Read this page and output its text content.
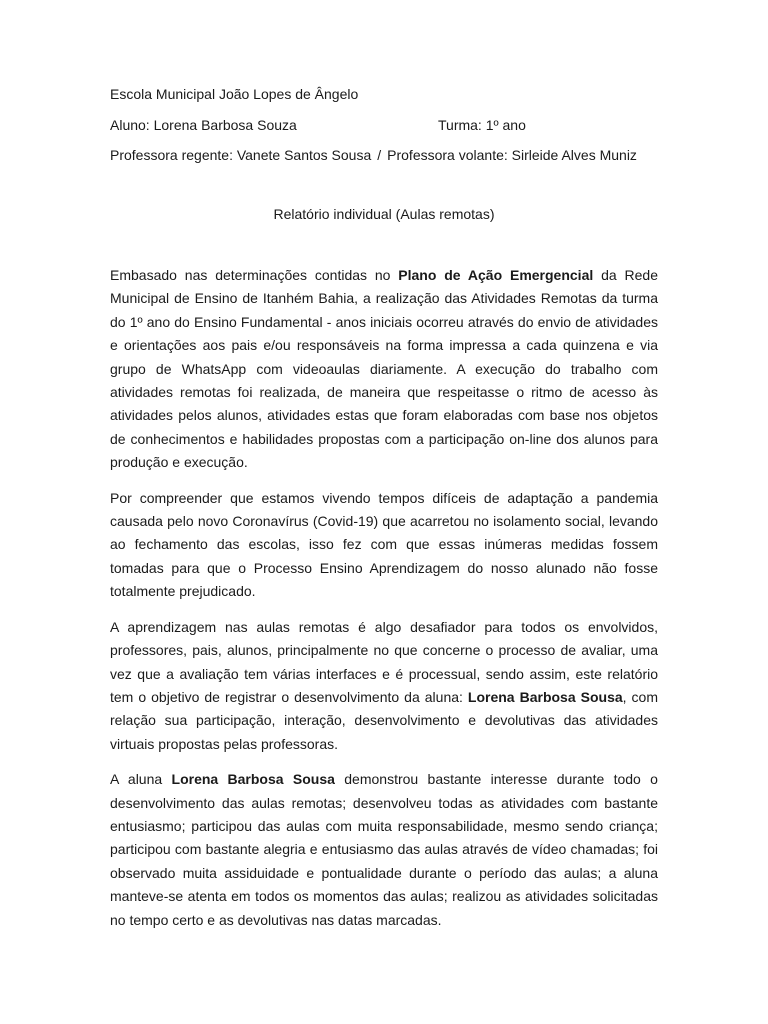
Escola Municipal João Lopes de Ângelo
Aluno: Lorena Barbosa Souza	Turma: 1º ano
Professora regente: Vanete Santos Sousa / Professora volante: Sirleide Alves Muniz
Relatório individual (Aulas remotas)

Embasado nas determinações contidas no Plano de Ação Emergencial da Rede Municipal de Ensino de Itanhém Bahia, a realização das Atividades Remotas da turma do 1º ano do Ensino Fundamental - anos iniciais ocorreu através do envio de atividades e orientações aos pais e/ou responsáveis na forma impressa a cada quinzena e via grupo de WhatsApp com videoaulas diariamente. A execução do trabalho com atividades remotas foi realizada, de maneira que respeitasse o ritmo de acesso às atividades pelos alunos, atividades estas que foram elaboradas com base nos objetos de conhecimentos e habilidades propostas com a participação on-line dos alunos para produção e execução.

Por compreender que estamos vivendo tempos difíceis de adaptação a pandemia causada pelo novo Coronavírus (Covid-19) que acarretou no isolamento social, levando ao fechamento das escolas, isso fez com que essas inúmeras medidas fossem tomadas para que o Processo Ensino Aprendizagem do nosso alunado não fosse totalmente prejudicado.

A aprendizagem nas aulas remotas é algo desafiador para todos os envolvidos, professores, pais, alunos, principalmente no que concerne o processo de avaliar, uma vez que a avaliação tem várias interfaces e é processual, sendo assim, este relatório tem o objetivo de registrar o desenvolvimento da aluna: Lorena Barbosa Sousa, com relação sua participação, interação, desenvolvimento e devolutivas das atividades virtuais propostas pelas professoras.

A aluna Lorena Barbosa Sousa demonstrou bastante interesse durante todo o desenvolvimento das aulas remotas; desenvolveu todas as atividades com bastante entusiasmo; participou das aulas com muita responsabilidade, mesmo sendo criança; participou com bastante alegria e entusiasmo das aulas através de vídeo chamadas; foi observado muita assiduidade e pontualidade durante o período das aulas; a aluna manteve-se atenta em todos os momentos das aulas; realizou as atividades solicitadas no tempo certo e as devolutivas nas datas marcadas.
